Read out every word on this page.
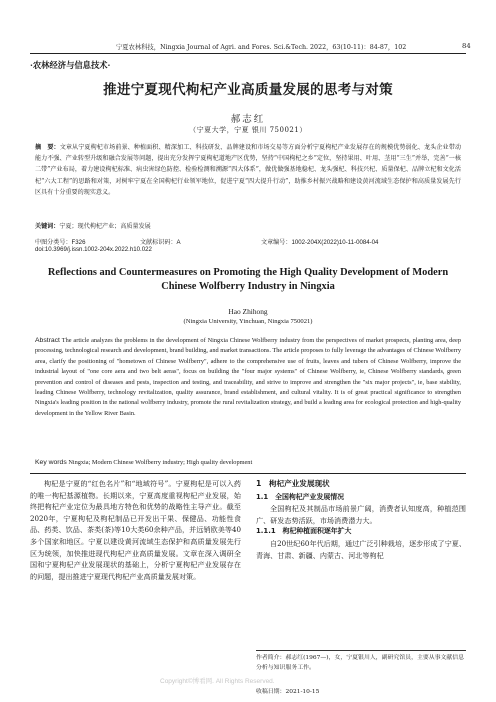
宁夏农林科技，Ningxia Journal of Agri. and Fores. Sci.&Tech. 2022，63(10-11)：84-87，102	84
·农林经济与信息技术·
推进宁夏现代枸杞产业高质量发展的思考与对策
郝志红
（宁夏大学，宁夏 银川 750021）
摘　要：文章从宁夏枸杞市场前景、种植面积、精深加工、科技研发、品牌建设和市场交易等方面分析宁夏枸杞产业发展存在的规模优势弱化、龙头企业带动能力不强、产业转型升级和融合发展等问题，提出充分发挥宁夏枸杞道地产区优势，坚持“中国枸杞之乡”定位，坚持果用、叶用、茎用“三生”并举，完善“一核二带”产业布局，着力建设枸杞标准、病虫害绿色防控、检验检测和溯源“四大体系”，做优做强基地稳杞、龙头强杞、科技兴杞、质量保杞、品牌立杞和文化活杞“六大工程”的思路和对策，对树牢宁夏在全国枸杞行业领军地位，促进宁夏“四大提升行动”，助推乡村振兴战略和建设黄河流域生态保护和高质量发展先行区具有十分重要的现实意义。
关键词：宁夏；现代枸杞产业；高质量发展
中图分类号：F326	文献标识码：A	文章编号：1002-204X(2022)10-11-0084-04
doi:10.3969/j.issn.1002-204x.2022.h10.022
Reflections and Countermeasures on Promoting the High Quality Development of Modern Chinese Wolfberry Industry in Ningxia
Hao Zhihong
(Ningxia University, Yinchuan, Ningxia 750021)
Abstract The article analyzes the problems in the development of Ningxia Chinese Wolfberry industry from the perspectives of market prospects, planting area, deep processing, technological research and development, brand building, and market transactions. The article proposes to fully leverage the advantages of Chinese Wolfberry area, clarify the positioning of "hometown of Chinese Wolfberry", adhere to the comprehensive use of fruits, leaves and tubers of Chinese Wolfberry, improve the industrial layout of "one core aera and two belt aeras", focus on building the "four major systems" of Chinese Wolfberry, ie, Chinese Wolfberry standards, green prevention and control of diseases and pests, inspection and testing, and traceability, and strive to improve and strengthen the "six major projects", ie, base stability, leading Chinese Wolfberry, technology revitalization, quality assurance, brand establishment, and cultural vitality. It is of great practical significance to strengthen Ningxia's leading position in the national wolfberry industry, promote the rural revitalization strategy, and build a leading area for ecological protection and high-quality development in the Yellow River Basin.
Key words Ningxia; Modern Chinese Wolfberry industry; High quality development

枸杞是宁夏的“红色名片”和“地域符号”。宁夏枸杞是可以入药的唯一枸杞基源植物。长期以来，宁夏高度重视枸杞产业发展，始终把枸杞产业定位为最具地方特色和优势的战略性主导产业。截至2020年，宁夏枸杞及枸杞制品已开发出干果、保健品、功能性食品、药类、饮品、茶类(茶)等10大类60余种产品，并远销欧美等40多个国家和地区。宁夏以建设黄河流域生态保护和高质量发展先行区为统领，加快推进现代枸杞产业高质量发展。文章在深入调研全国和宁夏枸杞产业发展现状的基础上，分析宁夏枸杞产业发展存在的问题，提出推进宁夏现代枸杞产业高质量发展对策。

1　枸杞产业发展现状
1.1　全国枸杞产业发展情况

全国枸杞及其制品市场前景广阔，消费者认知度高，种植范围广、研发态势活跃，市场消费潜力大。

1.1.1　枸杞种植面积逐年扩大

自20世纪60年代后期，通过广泛引种栽培，逐步形成了宁夏、青海、甘肃、新疆、内蒙古、河北等枸杞

作者简介：郝志红(1967—)，女，宁夏银川人，副研究馆员，主要从事文献信息分析与知识服务工作。
收稿日期：2021-10-15
Copyright©博看网. All Rights Reserved.
